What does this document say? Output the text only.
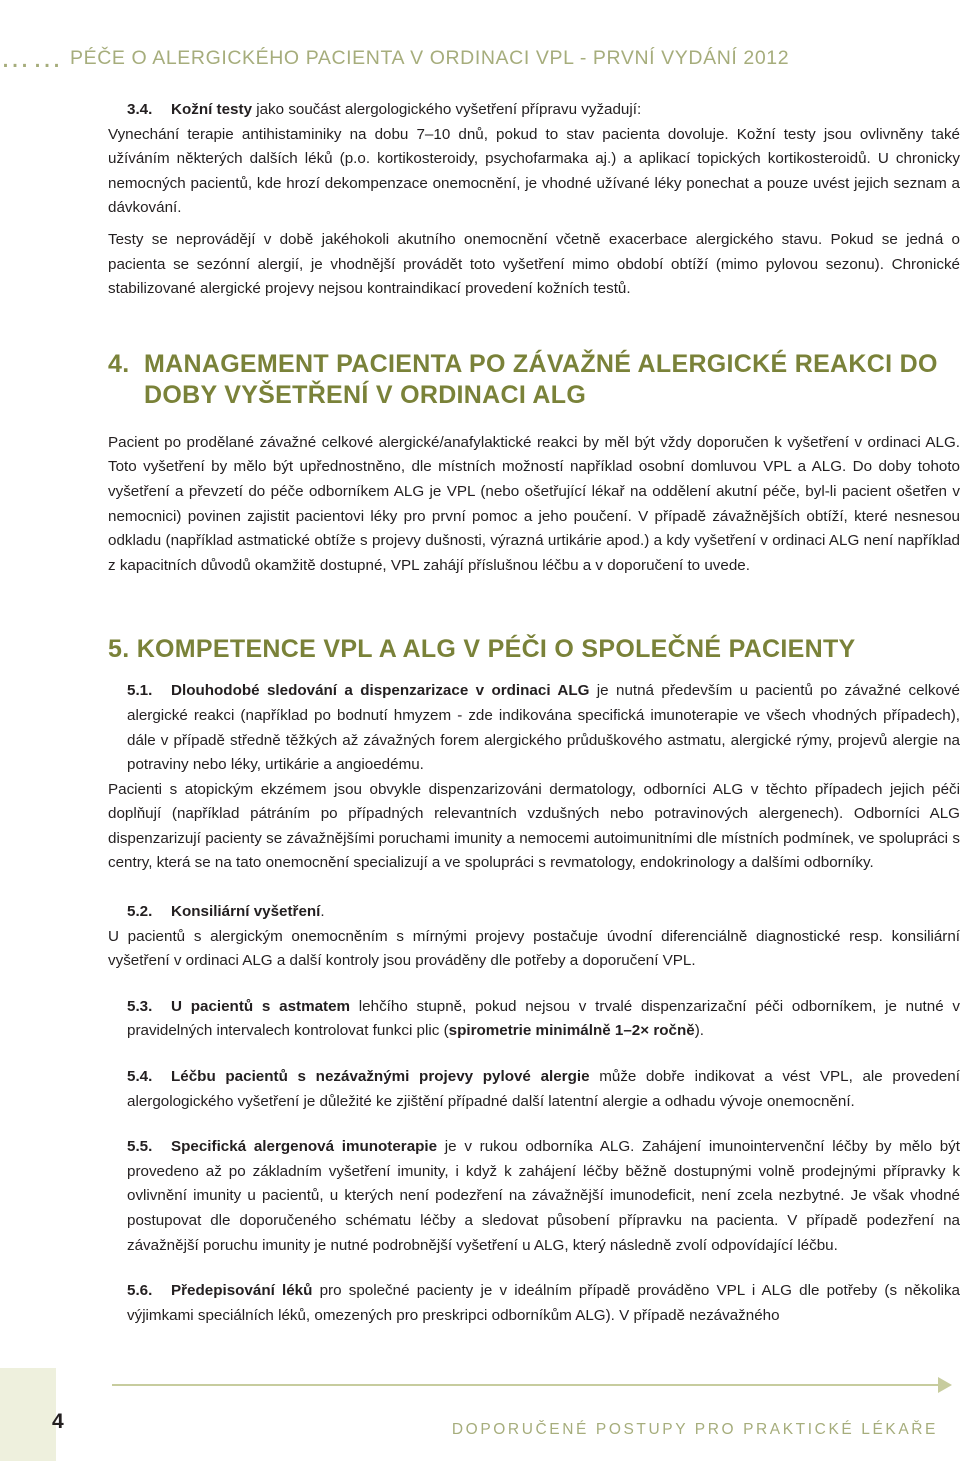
…… PÉČE O ALERGICKÉHO PACIENTA V ORDINACI VPL - PRVNÍ VYDÁNÍ 2012

3.4. Kožní testy jako součást alergologického vyšetření přípravu vyžadují:

Vynechání terapie antihistaminiky na dobu 7–10 dnů, pokud to stav pacienta dovoluje. Kožní testy jsou ovlivněny také užíváním některých dalších léků (p.o. kortikosteroidy, psychofarmaka aj.) a aplikací topických kortikosteroidů. U chronicky nemocných pacientů, kde hrozí dekompenzace onemocnění, je vhodné užívané léky ponechat a pouze uvést jejich seznam a dávkování.

Testy se neprovádějí v době jakéhokoli akutního onemocnění včetně exacerbace alergického stavu. Pokud se jedná o pacienta se sezónní alergií, je vhodnější provádět toto vyšetření mimo období obtíží (mimo pylovou sezonu). Chronické stabilizované alergické projevy nejsou kontraindikací provedení kožních testů.

4. MANAGEMENT PACIENTA PO ZÁVAŽNÉ ALERGICKÉ REAKCI DO
DOBY VYŠETŘENÍ V ORDINACI ALG

Pacient po prodělané závažné celkové alergické/anafylaktické reakci by měl být vždy doporučen k vyšetření v ordinaci ALG. Toto vyšetření by mělo být upřednostněno, dle místních možností například osobní domluvou VPL a ALG. Do doby tohoto vyšetření a převzetí do péče odborníkem ALG je VPL (nebo ošetřující lékař na oddělení akutní péče, byl-li pacient ošetřen v nemocnici) povinen zajistit pacientovi léky pro první pomoc a jeho poučení. V případě závažnějších obtíží, které nesnesou odkladu (například astmatické obtíže s projevy dušnosti, výrazná urtikárie apod.) a kdy vyšetření v ordinaci ALG není například z kapacitních důvodů okamžitě dostupné, VPL zahájí příslušnou léčbu a v doporučení to uvede.

5. KOMPETENCE VPL A ALG V PÉČI O SPOLEČNÉ PACIENTY

5.1. Dlouhodobé sledování a dispenzarizace v ordinaci ALG je nutná především u pacientů po závažné celkové alergické reakci (například po bodnutí hmyzem - zde indikována specifická imunoterapie ve všech vhodných případech), dále v případě středně těžkých až závažných forem alergického průduškového astmatu, alergické rýmy, projevů alergie na potraviny nebo léky, urtikárie a angioedému.

Pacienti s atopickým ekzémem jsou obvykle dispenzarizováni dermatology, odborníci ALG v těchto případech jejich péči doplňují (například pátráním po případných relevantních vzdušných nebo potravinových alergenech). Odborníci ALG dispenzarizují pacienty se závažnějšími poruchami imunity a nemocemi autoimunitními dle místních podmínek, ve spolupráci s centry, která se na tato onemocnění specializují a ve spolupráci s revmatology, endokrinology a dalšími odborníky.

5.2. Konsiliární vyšetření.

U pacientů s alergickým onemocněním s mírnými projevy postačuje úvodní diferenciálně diagnostické resp. konsiliární vyšetření v ordinaci ALG a další kontroly jsou prováděny dle potřeby a doporučení VPL.

5.3. U pacientů s astmatem lehčího stupně, pokud nejsou v trvalé dispenzarizační péči odborníkem, je nutné v pravidelných intervalech kontrolovat funkci plic (spirometrie minimálně 1–2× ročně).

5.4. Léčbu pacientů s nezávažnými projevy pylové alergie může dobře indikovat a vést VPL, ale provedení alergologického vyšetření je důležité ke zjištění případné další latentní alergie a odhadu vývoje onemocnění.

5.5. Specifická alergenová imunoterapie je v rukou odborníka ALG. Zahájení imunointervenční léčby by mělo být provedeno až po základním vyšetření imunity, i když k zahájení léčby běžně dostupnými volně prodejnými přípravky k ovlivnění imunity u pacientů, u kterých není podezření na závažnější imunodeficit, není zcela nezbytné. Je však vhodné postupovat dle doporučeného schématu léčby a sledovat působení přípravku na pacienta. V případě podezření na závažnější poruchu imunity je nutné podrobnější vyšetření u ALG, který následně zvolí odpovídající léčbu.

5.6. Předepisování léků pro společné pacienty je v ideálním případě prováděno VPL i ALG dle potřeby (s několika výjimkami speciálních léků, omezených pro preskripci odborníkům ALG). V případě nezávažného

4	DOPORUČENÉ POSTUPY PRO PRAKTICKÉ LÉKAŘE
